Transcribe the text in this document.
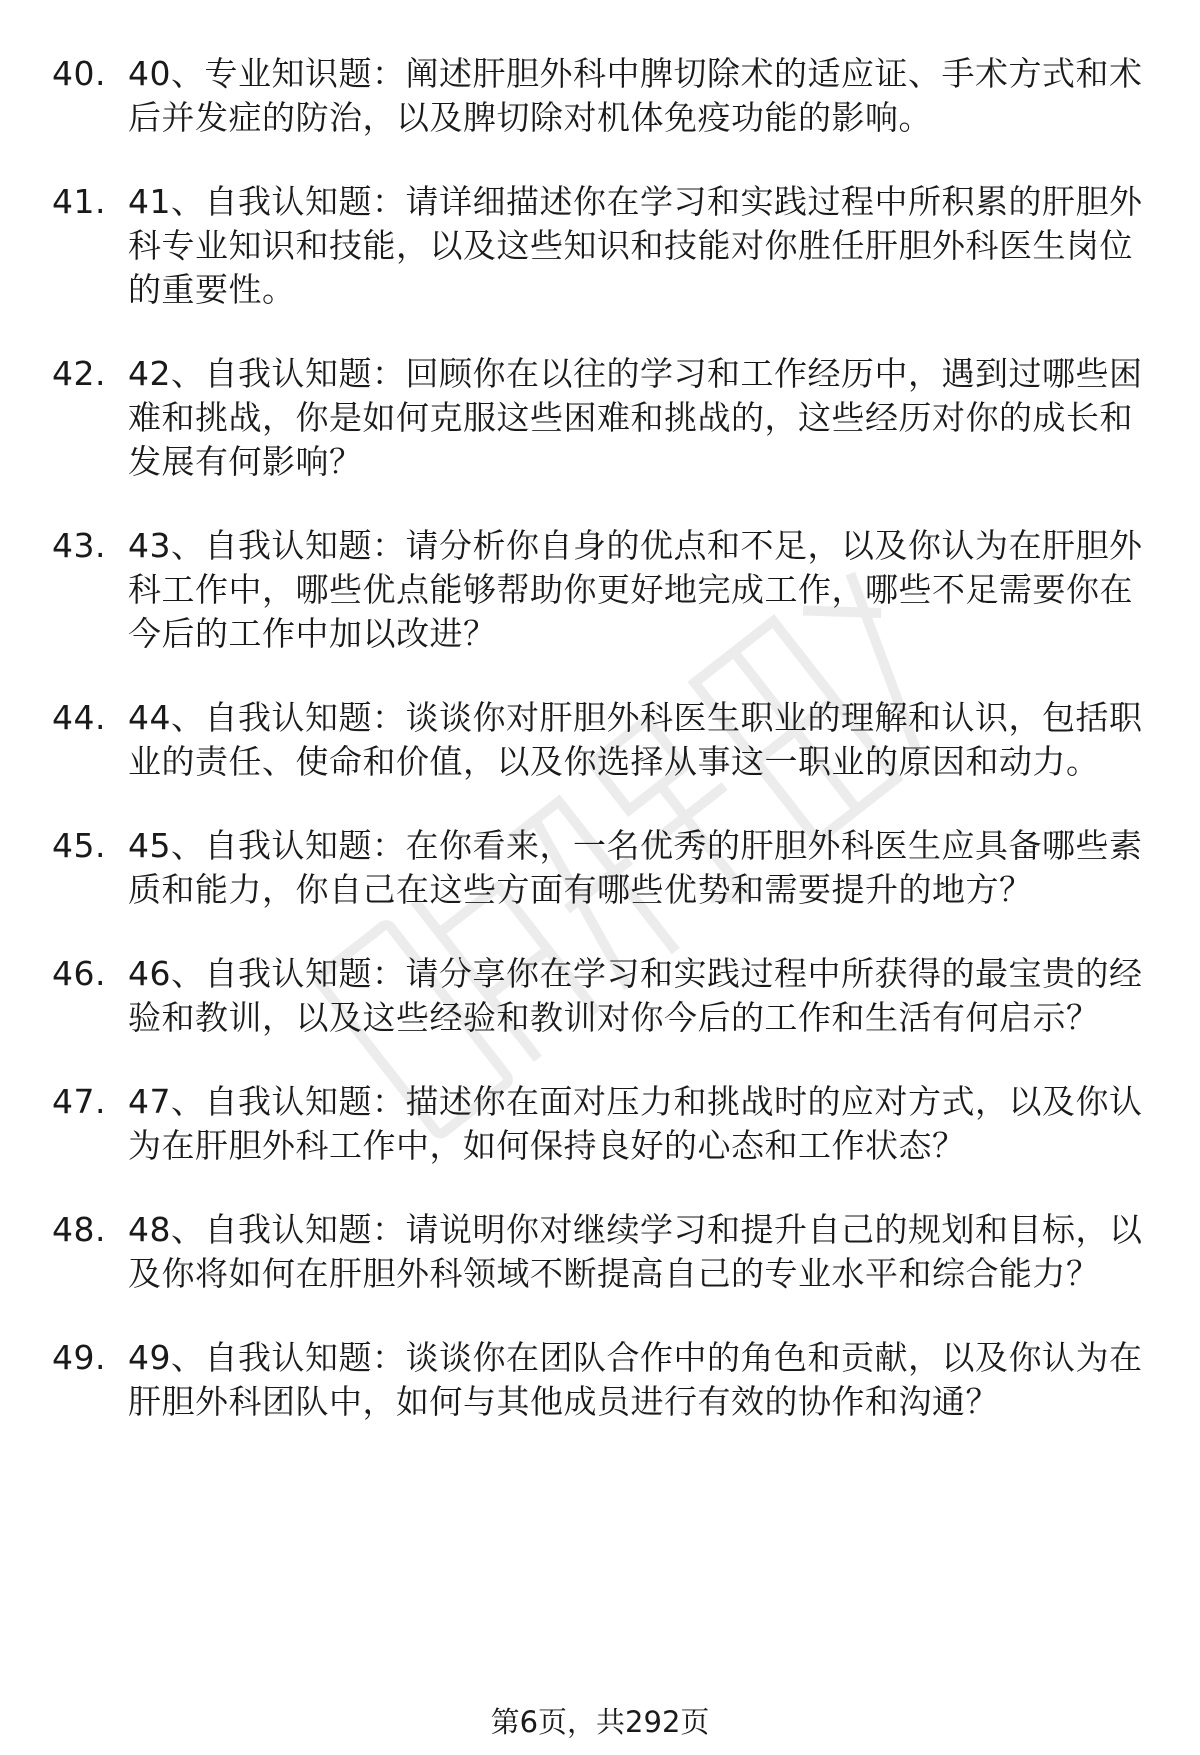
40. 40、专业知识题：阐述肝胆外科中脾切除术的适应证、手术方式和术后并发症的防治，以及脾切除对机体免疫功能的影响。
41. 41、自我认知题：请详细描述你在学习和实践过程中所积累的肝胆外科专业知识和技能，以及这些知识和技能对你胜任肝胆外科医生岗位的重要性。
42. 42、自我认知题：回顾你在以往的学习和工作经历中，遇到过哪些困难和挑战，你是如何克服这些困难和挑战的，这些经历对你的成长和发展有何影响？
43. 43、自我认知题：请分析你自身的优点和不足，以及你认为在肝胆外科工作中，哪些优点能够帮助你更好地完成工作，哪些不足需要你在今后的工作中加以改进？
44. 44、自我认知题：谈谈你对肝胆外科医生职业的理解和认识，包括职业的责任、使命和价值，以及你选择从事这一职业的原因和动力。
45. 45、自我认知题：在你看来，一名优秀的肝胆外科医生应具备哪些素质和能力，你自己在这些方面有哪些优势和需要提升的地方？
46. 46、自我认知题：请分享你在学习和实践过程中所获得的最宝贵的经验和教训，以及这些经验和教训对你今后的工作和生活有何启示？
47. 47、自我认知题：描述你在面对压力和挑战时的应对方式，以及你认为在肝胆外科工作中，如何保持良好的心态和工作状态？
48. 48、自我认知题：请说明你对继续学习和提升自己的规划和目标，以及你将如何在肝胆外科领域不断提高自己的专业水平和综合能力？
49. 49、自我认知题：谈谈你在团队合作中的角色和贡献，以及你认为在肝胆外科团队中，如何与其他成员进行有效的协作和沟通？
第6页，共292页
